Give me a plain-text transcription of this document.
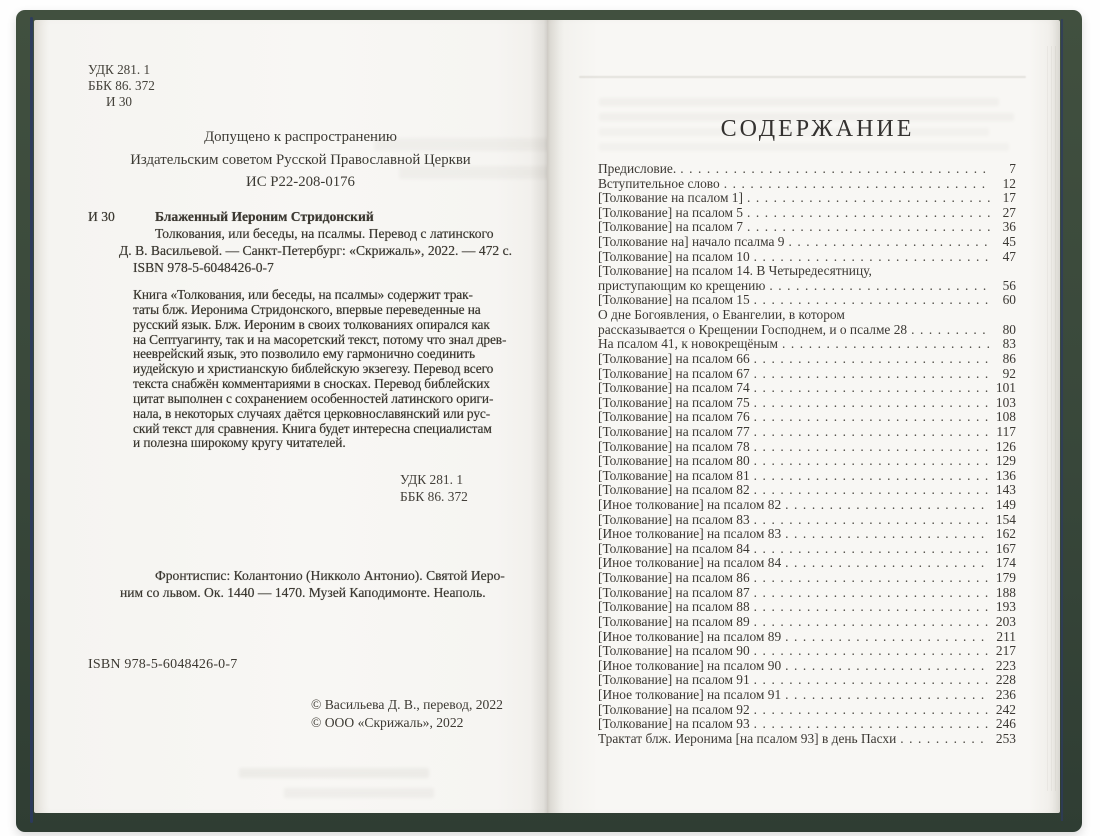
УДК 281. 1
ББК 86. 372
И 30
Допущено к распространению
Издательским советом Русской Православной Церкви
ИС Р22-208-0176
И 30	Блаженный Иероним Стридонский
Толкования, или беседы, на псалмы. Перевод с латинского
Д. В. Васильевой. — Санкт-Петербург: «Скрижаль», 2022. — 472 с.
ISBN 978-5-6048426-0-7
Книга «Толкования, или беседы, на псалмы» содержит трак-
таты блж. Иеронима Стридонского, впервые переведенные на
русский язык. Блж. Иероним в своих толкованиях опирался как
на Септуагинту, так и на масоретский текст, потому что знал древ-
нееврейский язык, это позволило ему гармонично соединить
иудейскую и христианскую библейскую экзегезу. Перевод всего
текста снабжён комментариями в сносках. Перевод библейских
цитат выполнен с сохранением особенностей латинского ориги-
нала, в некоторых случаях даётся церковнославянский или рус-
ский текст для сравнения. Книга будет интересна специалистам
и полезна широкому кругу читателей.
УДК 281. 1
ББК 86. 372
Фронтиспис: Колантонио (Никколо Антонио). Святой Иеро-
ним со львом. Ок. 1440 — 1470. Музей Каподимонте. Неаполь.
ISBN 978-5-6048426-0-7
© Васильева Д. В., перевод, 2022
© ООО «Скрижаль», 2022
СОДЕРЖАНИЕ
Предисловие. . . .	7
Вступительное слово . . .	12
[Толкование на псалом 1] . . .	17
[Толкование] на псалом 5 . . .	27
[Толкование] на псалом 7 . . .	36
[Толкование на] начало псалма 9 . . .	45
[Толкование] на псалом 10 . . .	47
[Толкование] на псалом 14. В Четыредесятницу,
приступающим ко крещению . . .	56
[Толкование] на псалом 15 . . .	60
О дне Богоявления, о Евангелии, в котором
рассказывается о Крещении Господнем, и о псалме 28 . . .	80
На псалом 41, к новокрещёным . . .	83
[Толкование] на псалом 66 . . .	86
[Толкование] на псалом 67 . . .	92
[Толкование] на псалом 74 . . .	101
[Толкование] на псалом 75 . . .	103
[Толкование] на псалом 76 . . .	108
[Толкование] на псалом 77 . . .	117
[Толкование] на псалом 78 . . .	126
[Толкование] на псалом 80 . . .	129
[Толкование] на псалом 81 . . .	136
[Толкование] на псалом 82 . . .	143
[Иное толкование] на псалом 82 . . .	149
[Толкование] на псалом 83 . . .	154
[Иное толкование] на псалом 83 . . .	162
[Толкование] на псалом 84 . . .	167
[Иное толкование] на псалом 84 . . .	174
[Толкование] на псалом 86 . . .	179
[Толкование] на псалом 87 . . .	188
[Толкование] на псалом 88 . . .	193
[Толкование] на псалом 89 . . .	203
[Иное толкование] на псалом 89 . . .	211
[Толкование] на псалом 90 . . .	217
[Иное толкование] на псалом 90 . . .	223
[Толкование] на псалом 91 . . .	228
[Иное толкование] на псалом 91 . . .	236
[Толкование] на псалом 92 . . .	242
[Толкование] на псалом 93 . . .	246
Трактат блж. Иеронима [на псалом 93] в день Пасхи . . .	253
